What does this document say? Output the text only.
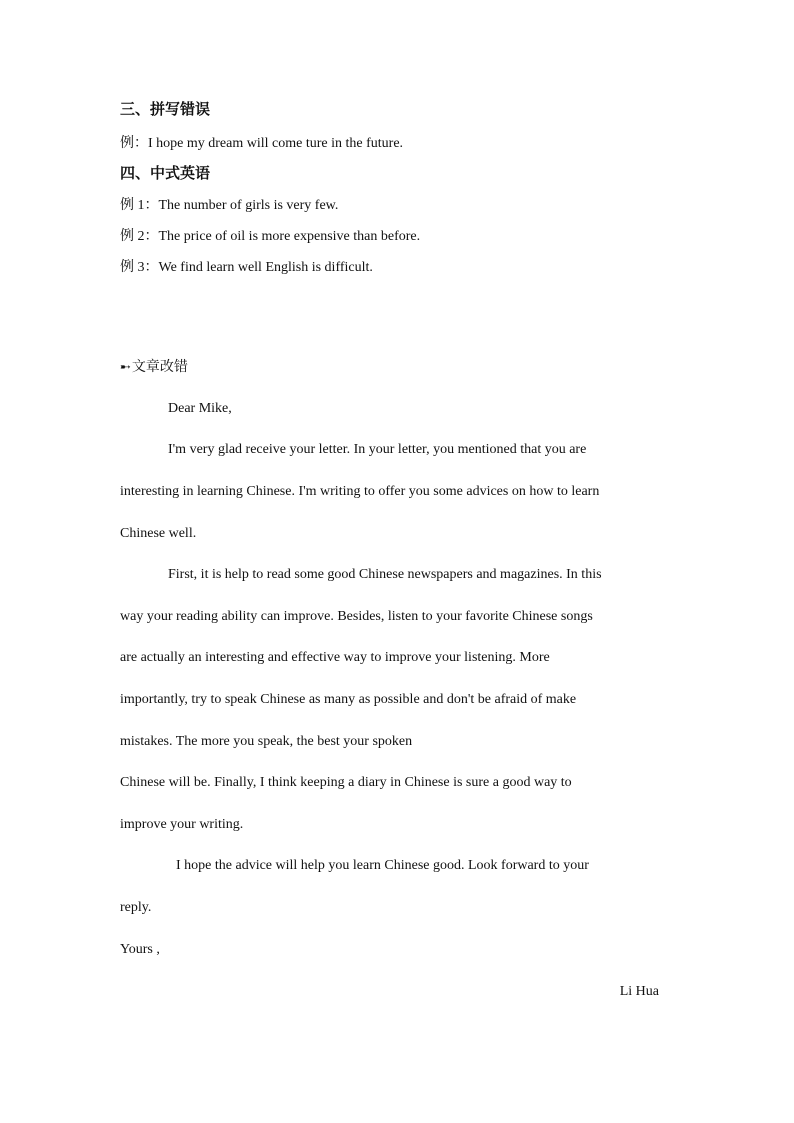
三、拼写错误
例：I hope my dream will come ture in the future.
四、中式英语
例 1：The number of girls is very few.
例 2：The price of oil is more expensive than before.
例 3：We find learn well English is difficult.
➸文章改错
Dear Mike,
I'm very glad receive your letter. In your letter, you mentioned that you are
interesting in learning Chinese. I'm writing to offer you some advices on how to learn
Chinese well.
First, it is help to read some good Chinese newspapers and magazines. In this
way your reading ability can improve. Besides, listen to your favorite Chinese songs
are actually an interesting and effective way to improve your listening. More
importantly, try to speak Chinese as many as possible and don't be afraid of make
mistakes. The more you speak, the best your spoken
Chinese will be. Finally, I think keeping a diary in Chinese is sure a good way to
improve your writing.
I hope the advice will help you learn Chinese good. Look forward to your
reply.
Yours ,
Li Hua
